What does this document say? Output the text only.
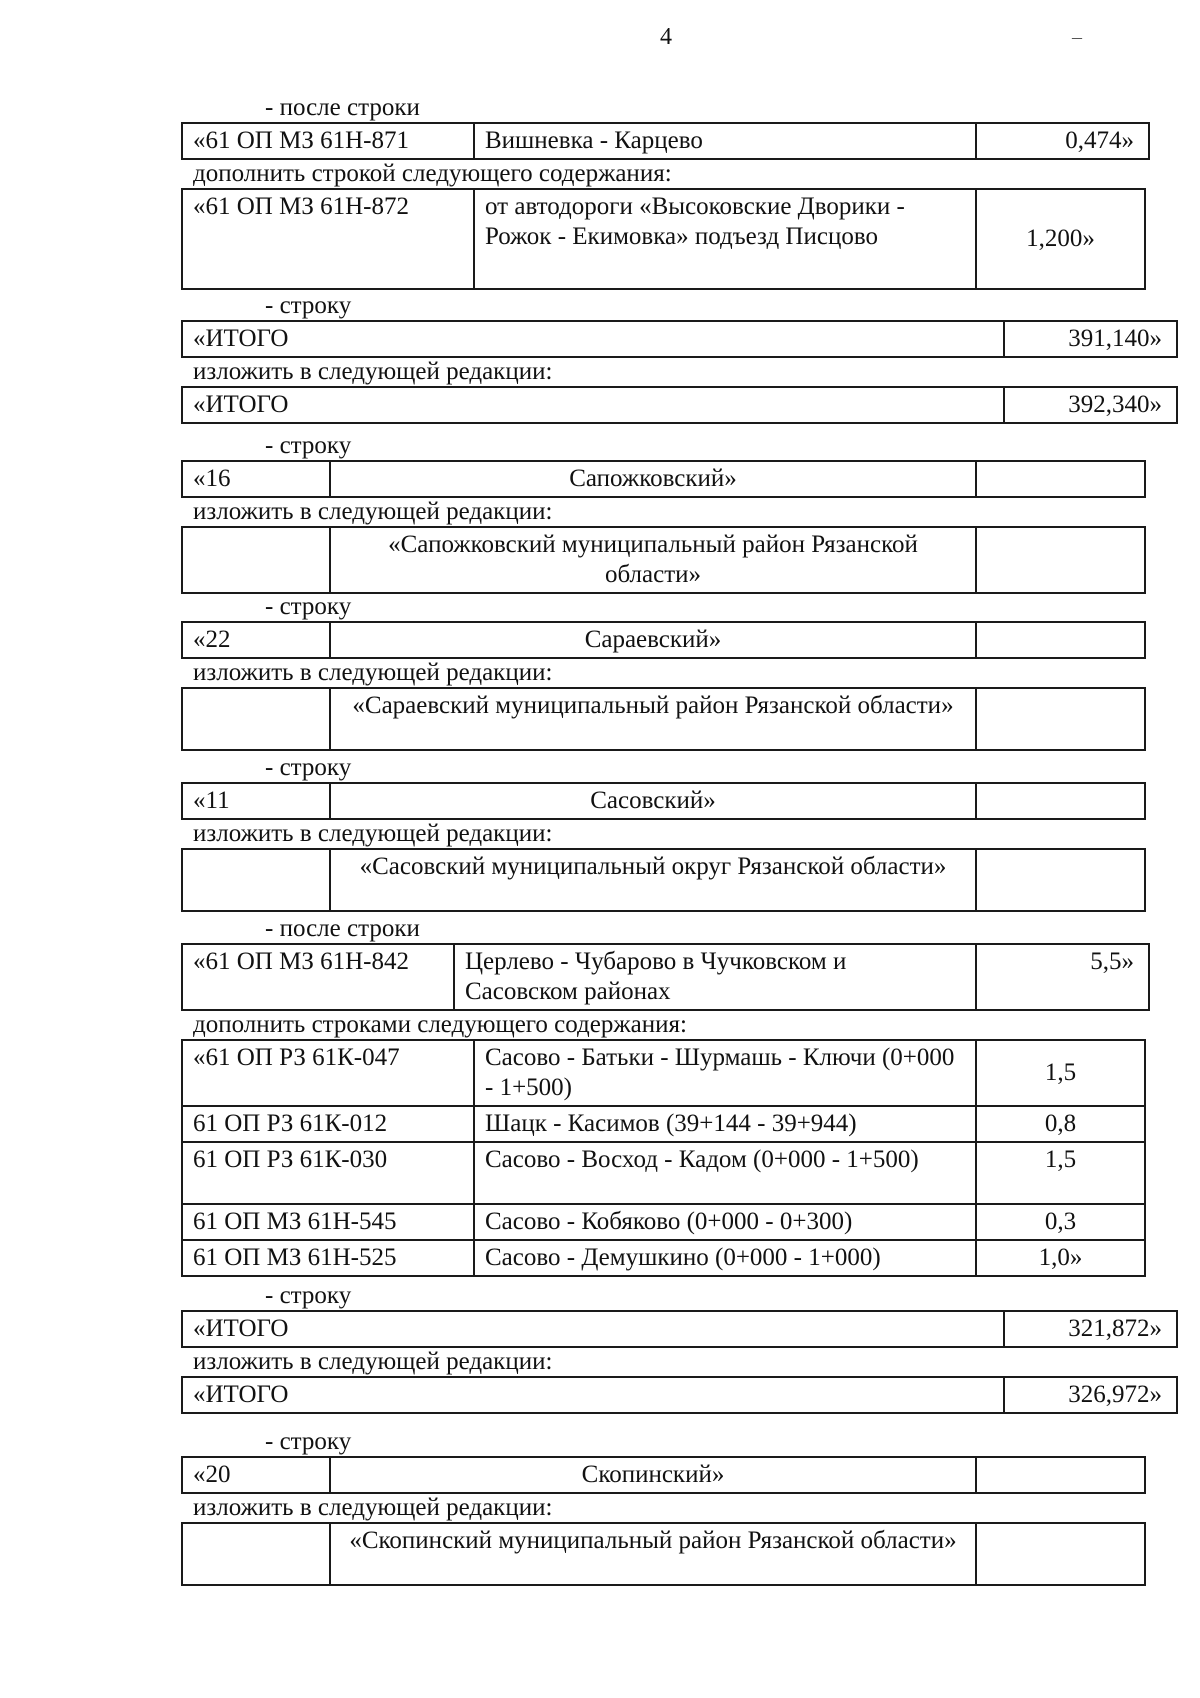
4	–
- после строки
«61 ОП МЗ 61Н-871	Вишневка - Карцево	0,474»
дополнить строкой следующего содержания:
«61 ОП МЗ 61Н-872	от автодороги «Высоковские Дворики - Рожок - Екимовка» подъезд Писцово	1,200»
- строку
«ИТОГО	391,140»
изложить в следующей редакции:
«ИТОГО	392,340»
- строку
«16	Сапожковский»	
изложить в следующей редакции:
	«Сапожковский муниципальный район Рязанской области»	
- строку
«22	Сараевский»	
изложить в следующей редакции:
	«Сараевский муниципальный район Рязанской области»	
- строку
«11	Сасовский»	
изложить в следующей редакции:
	«Сасовский муниципальный округ Рязанской области»	
- после строки
«61 ОП МЗ 61Н-842	Церлево - Чубарово в Чучковском и Сасовском районах	5,5»
дополнить строками следующего содержания:
«61 ОП РЗ 61К-047	Сасово - Батьки - Шурмашь - Ключи (0+000 - 1+500)	1,5
61 ОП РЗ 61К-012	Шацк - Касимов (39+144 - 39+944)	0,8
61 ОП РЗ 61К-030	Сасово - Восход - Кадом (0+000 - 1+500)	1,5
61 ОП МЗ 61Н-545	Сасово - Кобяково (0+000 - 0+300)	0,3
61 ОП МЗ 61Н-525	Сасово - Демушкино (0+000 - 1+000)	1,0»
- строку
«ИТОГО	321,872»
изложить в следующей редакции:
«ИТОГО	326,972»
- строку
«20	Скопинский»	
изложить в следующей редакции:
	«Скопинский муниципальный район Рязанской области»	
